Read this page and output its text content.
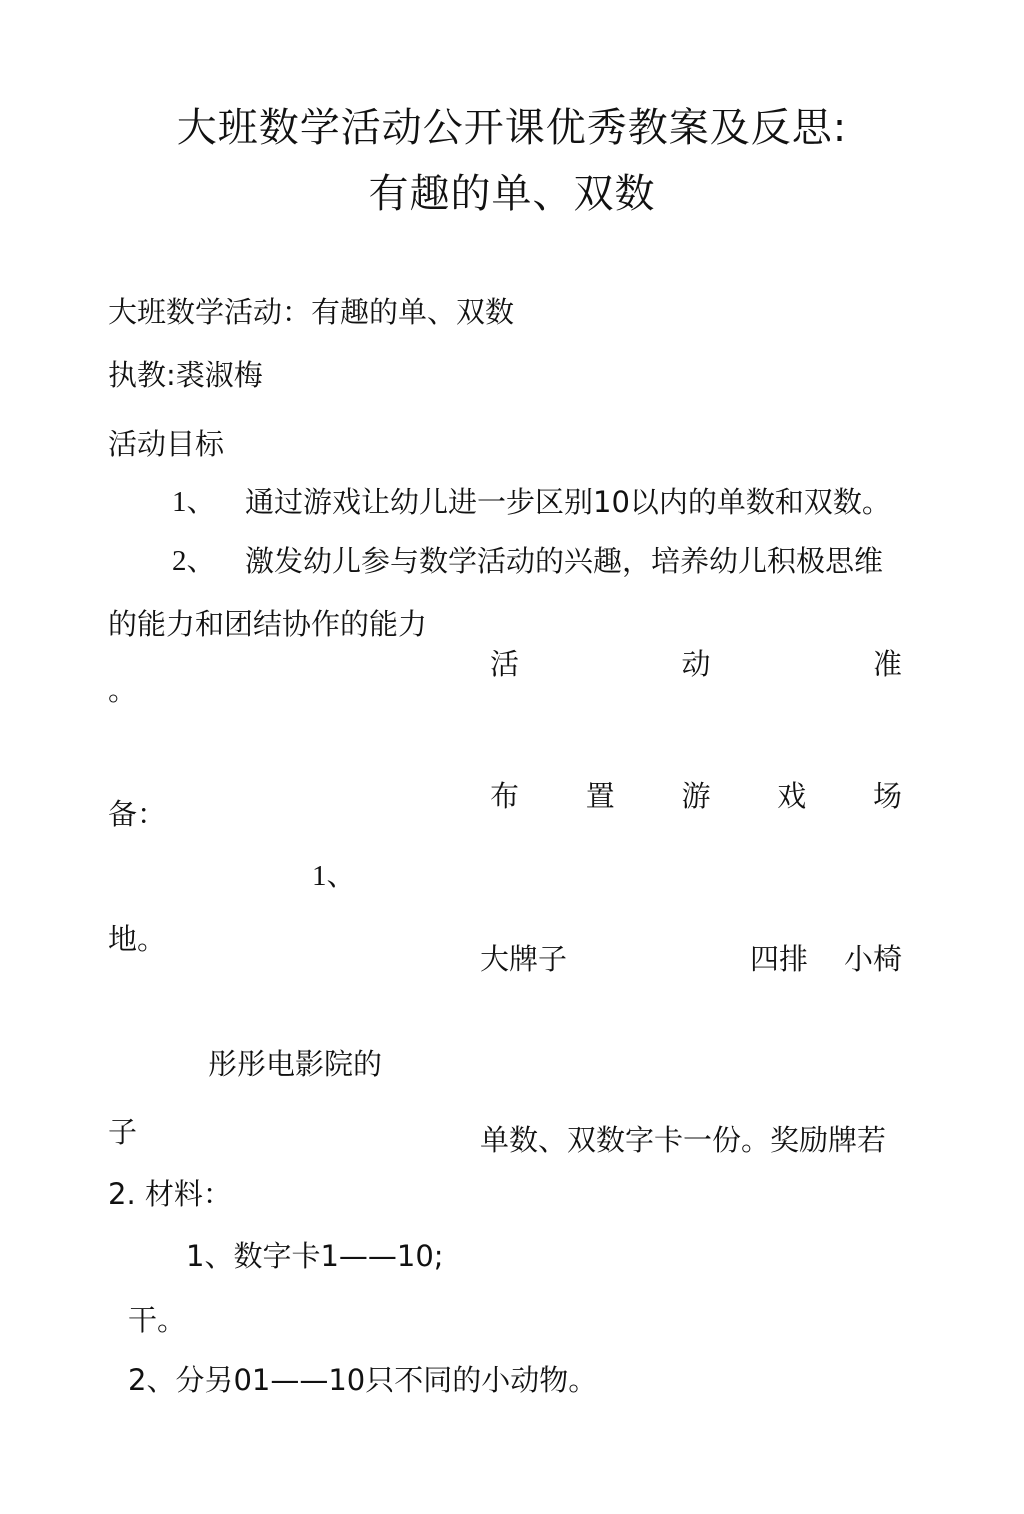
大班数学活动公开课优秀教案及反思:
有趣的单、双数
大班数学活动：有趣的单、双数
执教:裘淑梅
活动目标
1、 通过游戏让幼儿进一步区别10以内的单数和双数。
2、 激发幼儿参与数学活动的兴趣，培养幼儿积极思维
的能力和团结协作的能力
。
活	动	准
布 置 游 戏 场
备：
1、
地。
大牌子	四排 小椅
彤彤电影院的
子	单数、双数字卡一份。奖励牌若
2. 材料：
1、数字卡1——10;
干。
2、分另01——10只不同的小动物。
